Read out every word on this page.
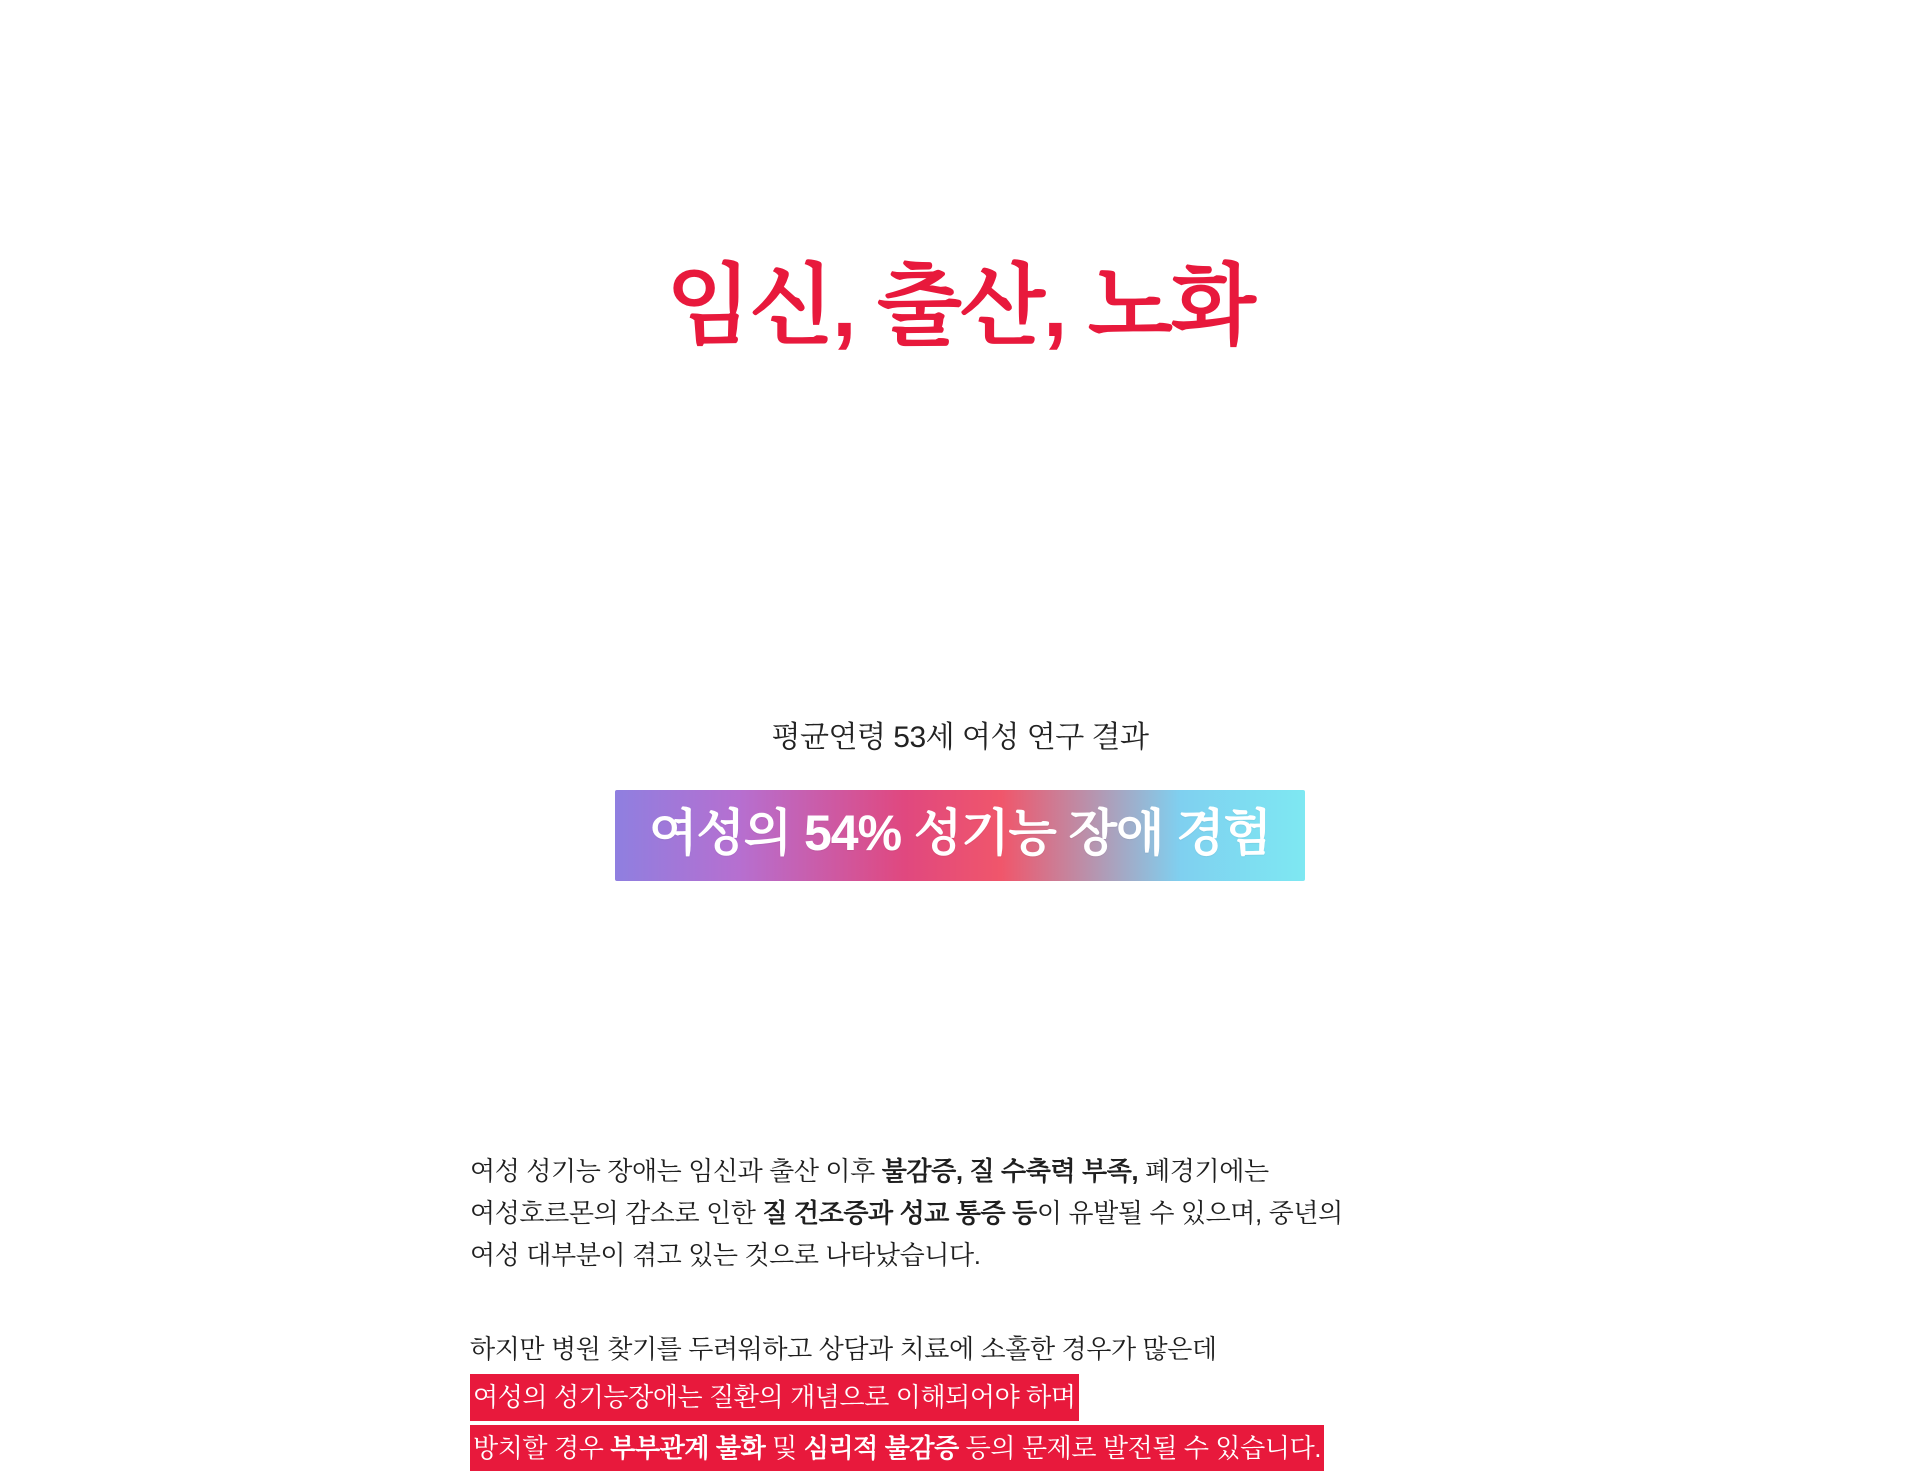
임신, 출산, 노화
평균연령 53세 여성 연구 결과
여성의 54% 성기능 장애 경험

여성 성기능 장애는 임신과 출산 이후 불감증, 질 수축력 부족, 폐경기에는

여성호르몬의 감소로 인한 질 건조증과 성교 통증 등이 유발될 수 있으며, 중년의

여성 대부분이 겪고 있는 것으로 나타났습니다.

하지만 병원 찾기를 두려워하고 상담과 치료에 소홀한 경우가 많은데

여성의 성기능장애는 질환의 개념으로 이해되어야 하며

방치할 경우 부부관계 불화 및 심리적 불감증 등의 문제로 발전될 수 있습니다.
